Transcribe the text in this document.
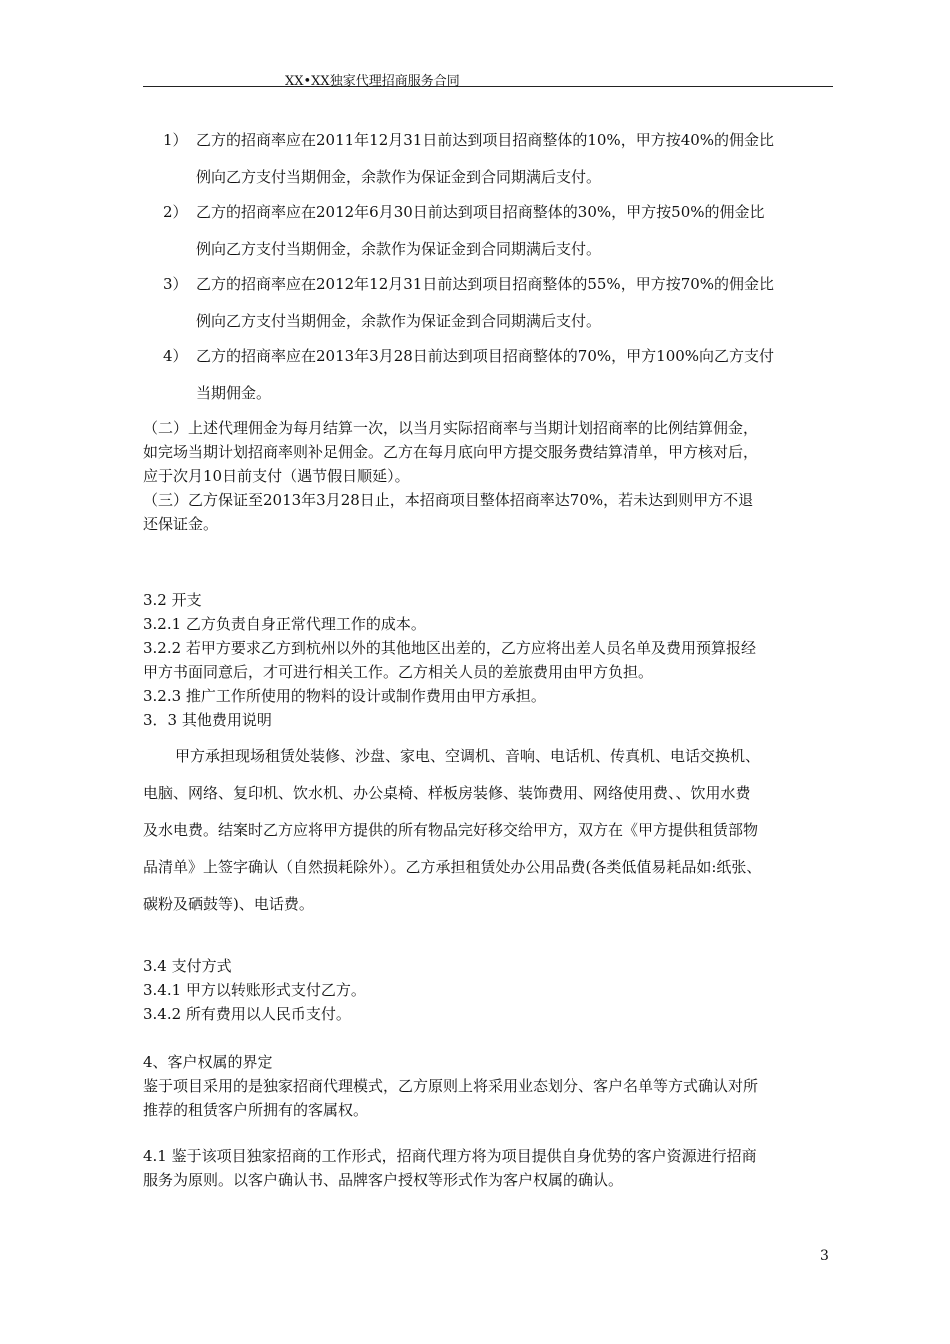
XX•XX独家代理招商服务合同
1） 乙方的招商率应在2011年12月31日前达到项目招商整体的10%，甲方按40%的佣金比
例向乙方支付当期佣金，余款作为保证金到合同期满后支付。
2） 乙方的招商率应在2012年6月30日前达到项目招商整体的30%，甲方按50%的佣金比
例向乙方支付当期佣金，余款作为保证金到合同期满后支付。
3） 乙方的招商率应在2012年12月31日前达到项目招商整体的55%，甲方按70%的佣金比
例向乙方支付当期佣金，余款作为保证金到合同期满后支付。
4） 乙方的招商率应在2013年3月28日前达到项目招商整体的70%，甲方100%向乙方支付
当期佣金。
（二）上述代理佣金为每月结算一次，以当月实际招商率与当期计划招商率的比例结算佣金，
如完场当期计划招商率则补足佣金。乙方在每月底向甲方提交服务费结算清单，甲方核对后，
应于次月10日前支付（遇节假日顺延）。
（三）乙方保证至2013年3月28日止，本招商项目整体招商率达70%，若未达到则甲方不退
还保证金。
3.2 开支
3.2.1 乙方负责自身正常代理工作的成本。
3.2.2 若甲方要求乙方到杭州以外的其他地区出差的，乙方应将出差人员名单及费用预算报经
甲方书面同意后，才可进行相关工作。乙方相关人员的差旅费用由甲方负担。
3.2.3 推广工作所使用的物料的设计或制作费用由甲方承担。
3．3 其他费用说明
甲方承担现场租赁处装修、沙盘、家电、空调机、音响、电话机、传真机、电话交换机、
电脑、网络、复印机、饮水机、办公桌椅、样板房装修、装饰费用、网络使用费、、饮用水费
及水电费。结案时乙方应将甲方提供的所有物品完好移交给甲方，双方在《甲方提供租赁部物
品清单》上签字确认（自然损耗除外）。乙方承担租赁处办公用品费(各类低值易耗品如:纸张、
碳粉及硒鼓等)、电话费。
3.4 支付方式
3.4.1 甲方以转账形式支付乙方。
3.4.2 所有费用以人民币支付。
4、客户权属的界定
鉴于项目采用的是独家招商代理模式，乙方原则上将采用业态划分、客户名单等方式确认对所
推荐的租赁客户所拥有的客属权。
4.1 鉴于该项目独家招商的工作形式，招商代理方将为项目提供自身优势的客户资源进行招商
服务为原则。以客户确认书、品牌客户授权等形式作为客户权属的确认。
3
